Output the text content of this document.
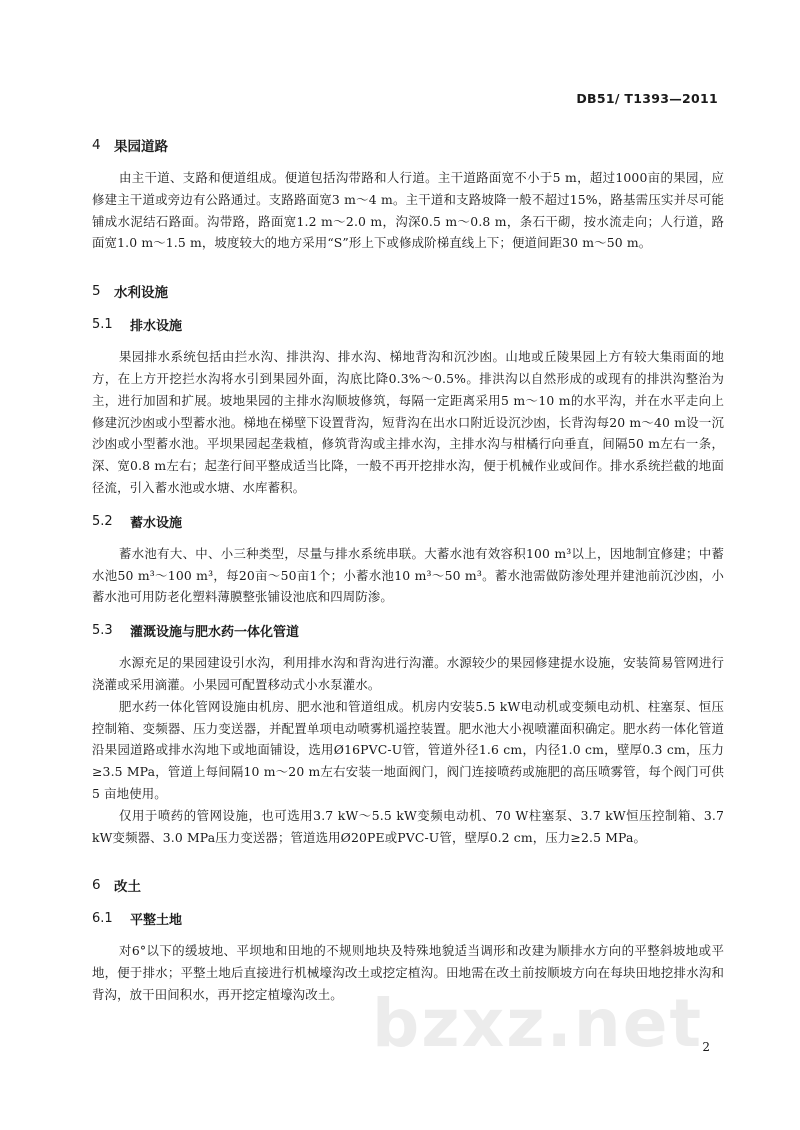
DB51/ T1393—2011
4 果园道路

由主干道、支路和便道组成。便道包括沟带路和人行道。主干道路面宽不小于5 m，超过1000亩的果园，应修建主干道或旁边有公路通过。支路路面宽3 m～4 m。主干道和支路坡降一般不超过15%，路基需压实并尽可能铺成水泥结石路面。沟带路，路面宽1.2 m～2.0 m，沟深0.5 m～0.8 m，条石干砌，按水流走向；人行道，路面宽1.0 m～1.5 m，坡度较大的地方采用“S”形上下或修成阶梯直线上下；便道间距30 m～50 m。

5 水利设施
5.1	排水设施

果园排水系统包括由拦水沟、排洪沟、排水沟、梯地背沟和沉沙凼。山地或丘陵果园上方有较大集雨面的地方，在上方开挖拦水沟将水引到果园外面，沟底比降0.3%～0.5%。排洪沟以自然形成的或现有的排洪沟整治为主，进行加固和扩展。坡地果园的主排水沟顺坡修筑，每隔一定距离采用5 m～10 m的水平沟，并在水平走向上修建沉沙凼或小型蓄水池。梯地在梯壁下设置背沟，短背沟在出水口附近设沉沙凼，长背沟每20 m～40 m设一沉沙凼或小型蓄水池。平坝果园起垄栽植，修筑背沟或主排水沟，主排水沟与柑橘行向垂直，间隔50 m左右一条，深、宽0.8 m左右；起垄行间平整成适当比降，一般不再开挖排水沟，便于机械作业或间作。排水系统拦截的地面径流，引入蓄水池或水塘、水库蓄积。

5.2	蓄水设施

蓄水池有大、中、小三种类型，尽量与排水系统串联。大蓄水池有效容积100 m³以上，因地制宜修建；中蓄水池50 m³～100 m³，每20亩～50亩1个；小蓄水池10 m³～50 m³。蓄水池需做防渗处理并建池前沉沙凼，小蓄水池可用防老化塑料薄膜整张铺设池底和四周防渗。

5.3	灌溉设施与肥水药一体化管道

水源充足的果园建设引水沟，利用排水沟和背沟进行沟灌。水源较少的果园修建提水设施，安装简易管网进行浇灌或采用滴灌。小果园可配置移动式小水泵灌水。

肥水药一体化管网设施由机房、肥水池和管道组成。机房内安装5.5 kW电动机或变频电动机、柱塞泵、恒压控制箱、变频器、压力变送器，并配置单项电动喷雾机遥控装置。肥水池大小视喷灌面积确定。肥水药一体化管道沿果园道路或排水沟地下或地面铺设，选用Ø16PVC-U管，管道外径1.6 cm，内径1.0 cm，壁厚0.3 cm，压力≥3.5 MPa，管道上每间隔10 m～20 m左右安装一地面阀门，阀门连接喷药或施肥的高压喷雾管，每个阀门可供5 亩地使用。

仅用于喷药的管网设施，也可选用3.7 kW～5.5 kW变频电动机、70 W柱塞泵、3.7 kW恒压控制箱、3.7 kW变频器、3.0 MPa压力变送器；管道选用Ø20PE或PVC-U管，壁厚0.2 cm，压力≥2.5 MPa。

6 改土
6.1	平整土地

对6°以下的缓坡地、平坝地和田地的不规则地块及特殊地貌适当调形和改建为顺排水方向的平整斜坡地或平地，便于排水；平整土地后直接进行机械壕沟改土或挖定植沟。田地需在改土前按顺坡方向在每块田地挖排水沟和背沟，放干田间积水，再开挖定植壕沟改土。 bzxz.net 2
